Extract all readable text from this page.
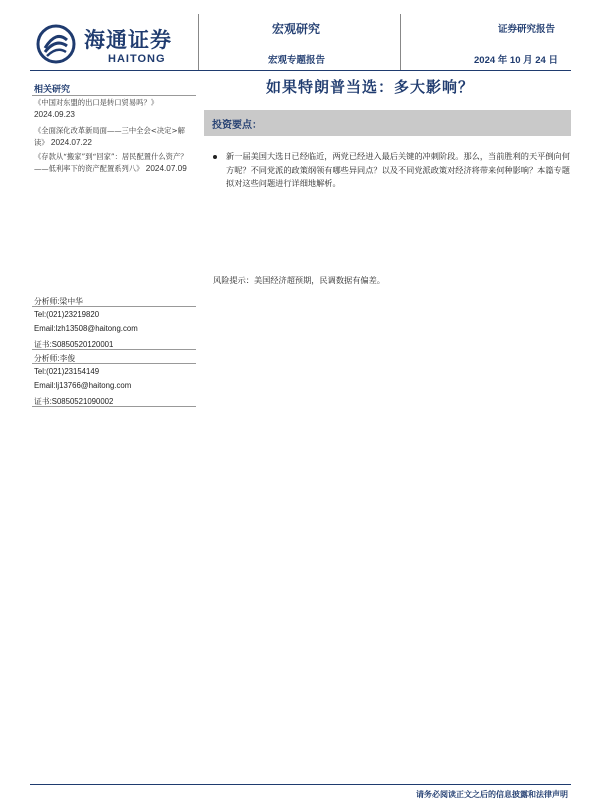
海通证券
HAITONG
宏观研究
宏观专题报告
证券研究报告
2024 年 10 月 24 日
相关研究
《中国对东盟的出口是转口贸易吗？》
2024.09.23
《全面深化改革新局面——三中全会<决定>解读》 2024.07.22
《存款从“搬家”到“回家”：居民配置什么资产？——低利率下的资产配置系列八》 2024.07.09
分析师:梁中华
Tel:(021)23219820
Email:lzh13508@haitong.com
证书:S0850520120001
分析师:李俊
Tel:(021)23154149
Email:lj13766@haitong.com
证书:S0850521090002
如果特朗普当选：多大影响？
投资要点：
新一届美国大选日已经临近，两党已经进入最后关键的冲刺阶段。那么，当前胜利的天平倒向何方呢？不同党派的政策纲领有哪些异同点？以及不同党派政策对经济将带来何种影响？本篇专题拟对这些问题进行详细地解析。
风险提示：美国经济超预期，民调数据有偏差。
请务必阅读正文之后的信息披露和法律声明
